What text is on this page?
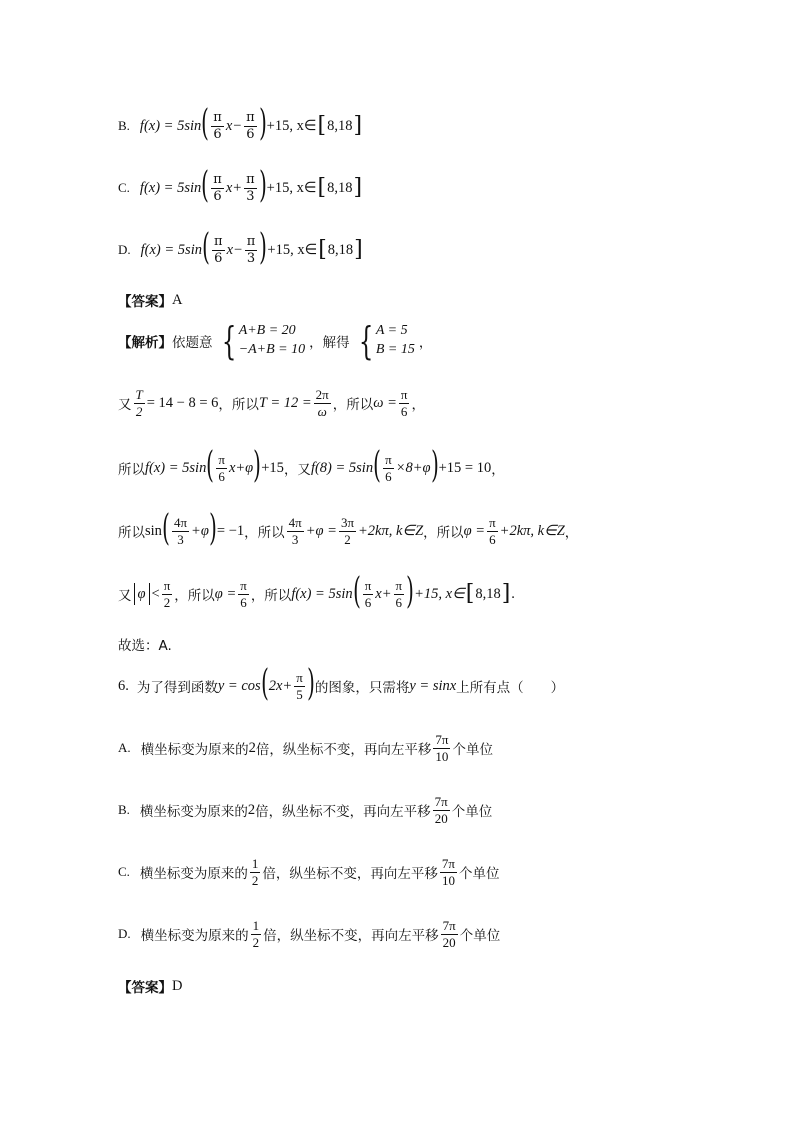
B. f(x) = 5sin ( $\frac{\pi}{6} x- \frac{\pi}{6}$ ) +15, x∈ [ 8,18 ]
C. f(x) = 5sin ( $\frac{\pi}{6} x+ \frac{\pi}{3}$ ) +15, x∈ [ 8,18 ]
D. f(x) = 5sin ( $\frac{\pi}{6} x- \frac{\pi}{3}$ ) +15, x∈ [ 8,18 ]
【答案】 A
【解析】 依题意 { A+B = 20
−A+B = 10 ，解得 { A = 5
B = 15 ，
又 $\frac{T}{2} = 14 - 8 = 6$ ，所以 $T = 12 = \frac{2\pi}{\omega}$ ，所以 $\omega = \frac{\pi}{6}$ ，
所以 f(x) = 5sin ( $\frac{\pi}{6} x+\varphi$ ) +15 ，又 f(8) = 5sin ( $\frac{\pi}{6} \times 8+\varphi$ ) +15 = 10 ，
所以 sin ( $\frac{4\pi}{3} +\varphi$ ) = −1 ，所以 $\frac{4\pi}{3} +\varphi = \frac{3\pi}{2} +2k\pi$, k∈Z ，所以 $\varphi = \frac{\pi}{6} +2k\pi$, k∈Z ，
又 $\varphi < \frac{\pi}{2}$ ，所以 $\varphi = \frac{\pi}{6}$ ，所以 f(x) = 5sin ( $\frac{\pi}{6} x+ \frac{\pi}{6}$ ) +15, x∈ [ 8,18 ] .
故选：A.
6. 为了得到函数 y = cos ( $2x+ \frac{\pi}{5}$ ) 的图象，只需将 y = sinx 上所有点（　　）
A. 横坐标变为原来的 2 倍，纵坐标不变，再向左平移 $\frac{7\pi}{10}$ 个单位
B. 横坐标变为原来的 2 倍，纵坐标不变，再向左平移 $\frac{7\pi}{20}$ 个单位
C. 横坐标变为原来的 $\frac{1}{2}$ 倍，纵坐标不变，再向左平移 $\frac{7\pi}{10}$ 个单位
D. 横坐标变为原来的 $\frac{1}{2}$ 倍，纵坐标不变，再向左平移 $\frac{7\pi}{20}$ 个单位
【答案】 D
